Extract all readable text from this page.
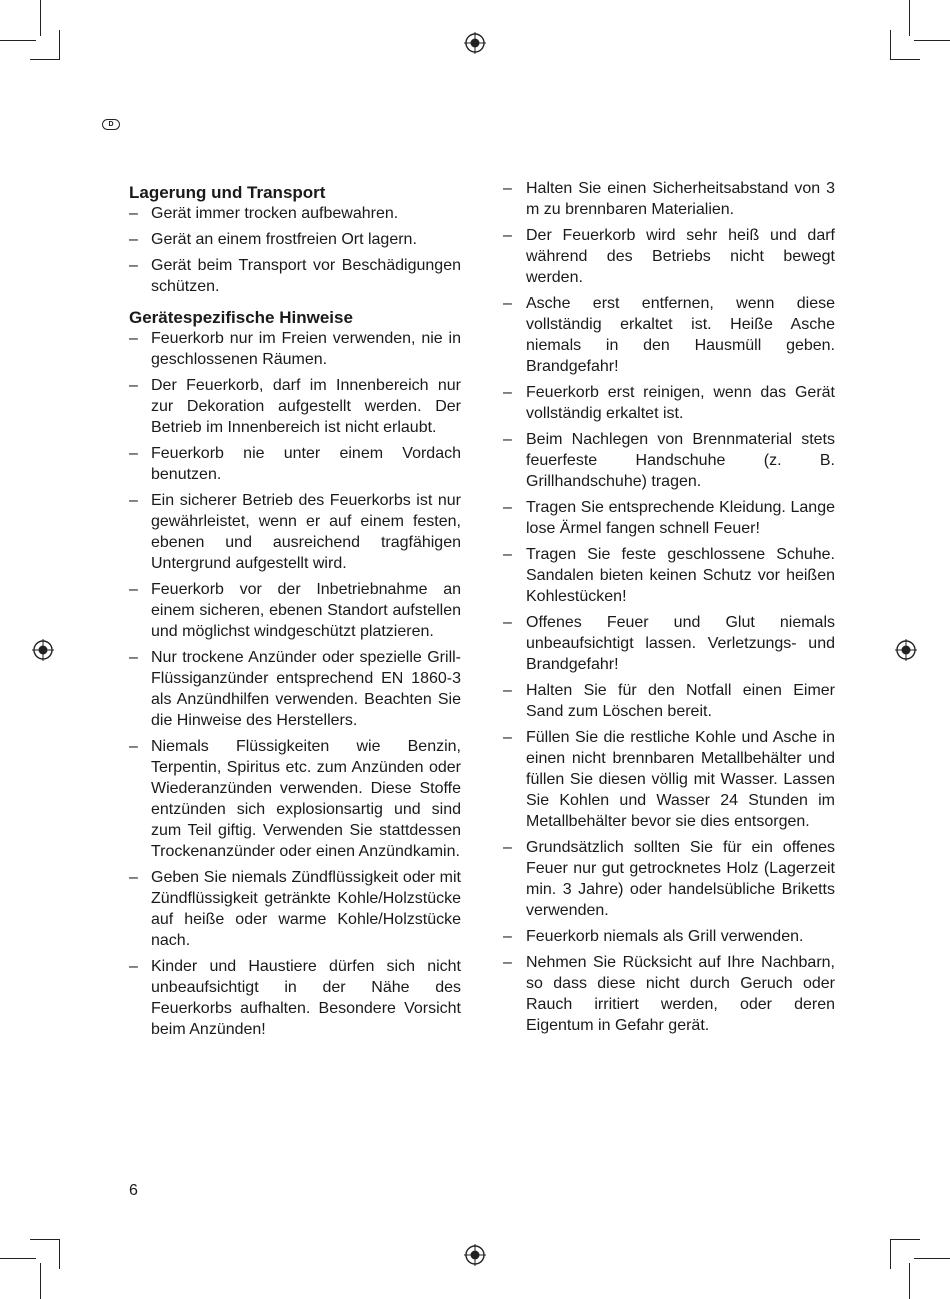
D
Lagerung und Transport
– Gerät immer trocken aufbewahren.
– Gerät an einem frostfreien Ort lagern.
– Gerät beim Transport vor Beschädigungen schützen.
Gerätespezifische Hinweise
– Feuerkorb nur im Freien verwenden, nie in geschlossenen Räumen.
– Der Feuerkorb, darf im Innenbereich nur zur Dekoration aufgestellt werden. Der Betrieb im Innenbereich ist nicht erlaubt.
– Feuerkorb nie unter einem Vordach benutzen.
– Ein sicherer Betrieb des Feuerkorbs ist nur gewährleistet, wenn er auf einem festen, ebenen und ausreichend tragfähigen Untergrund aufgestellt wird.
– Feuerkorb vor der Inbetriebnahme an einem sicheren, ebenen Standort aufstellen und möglichst windgeschützt platzieren.
– Nur trockene Anzünder oder spezielle Grill-Flüssiganzünder entsprechend EN 1860-3 als Anzündhilfen verwenden. Beachten Sie die Hinweise des Herstellers.
– Niemals Flüssigkeiten wie Benzin, Terpentin, Spiritus etc. zum Anzünden oder Wiederanzünden verwenden. Diese Stoffe entzünden sich explosionsartig und sind zum Teil giftig. Verwenden Sie stattdessen Trockenanzünder oder einen Anzündkamin.
– Geben Sie niemals Zündflüssigkeit oder mit Zündflüssigkeit getränkte Kohle/Holzstücke auf heiße oder warme Kohle/Holzstücke nach.
– Kinder und Haustiere dürfen sich nicht unbeaufsichtigt in der Nähe des Feuerkorbs aufhalten. Besondere Vorsicht beim Anzünden!
– Halten Sie einen Sicherheitsabstand von 3 m zu brennbaren Materialien.
– Der Feuerkorb wird sehr heiß und darf während des Betriebs nicht bewegt werden.
– Asche erst entfernen, wenn diese vollständig erkaltet ist. Heiße Asche niemals in den Hausmüll geben. Brandgefahr!
– Feuerkorb erst reinigen, wenn das Gerät vollständig erkaltet ist.
– Beim Nachlegen von Brennmaterial stets feuerfeste Handschuhe (z. B. Grillhandschuhe) tragen.
– Tragen Sie entsprechende Kleidung. Lange lose Ärmel fangen schnell Feuer!
– Tragen Sie feste geschlossene Schuhe. Sandalen bieten keinen Schutz vor heißen Kohlestücken!
– Offenes Feuer und Glut niemals unbeaufsichtigt lassen. Verletzungs- und Brandgefahr!
– Halten Sie für den Notfall einen Eimer Sand zum Löschen bereit.
– Füllen Sie die restliche Kohle und Asche in einen nicht brennbaren Metallbehälter und füllen Sie diesen völlig mit Wasser. Lassen Sie Kohlen und Wasser 24 Stunden im Metallbehälter bevor sie dies entsorgen.
– Grundsätzlich sollten Sie für ein offenes Feuer nur gut getrocknetes Holz (Lagerzeit min. 3 Jahre) oder handelsübliche Briketts verwenden.
– Feuerkorb niemals als Grill verwenden.
– Nehmen Sie Rücksicht auf Ihre Nachbarn, so dass diese nicht durch Geruch oder Rauch irritiert werden, oder deren Eigentum in Gefahr gerät.
6
